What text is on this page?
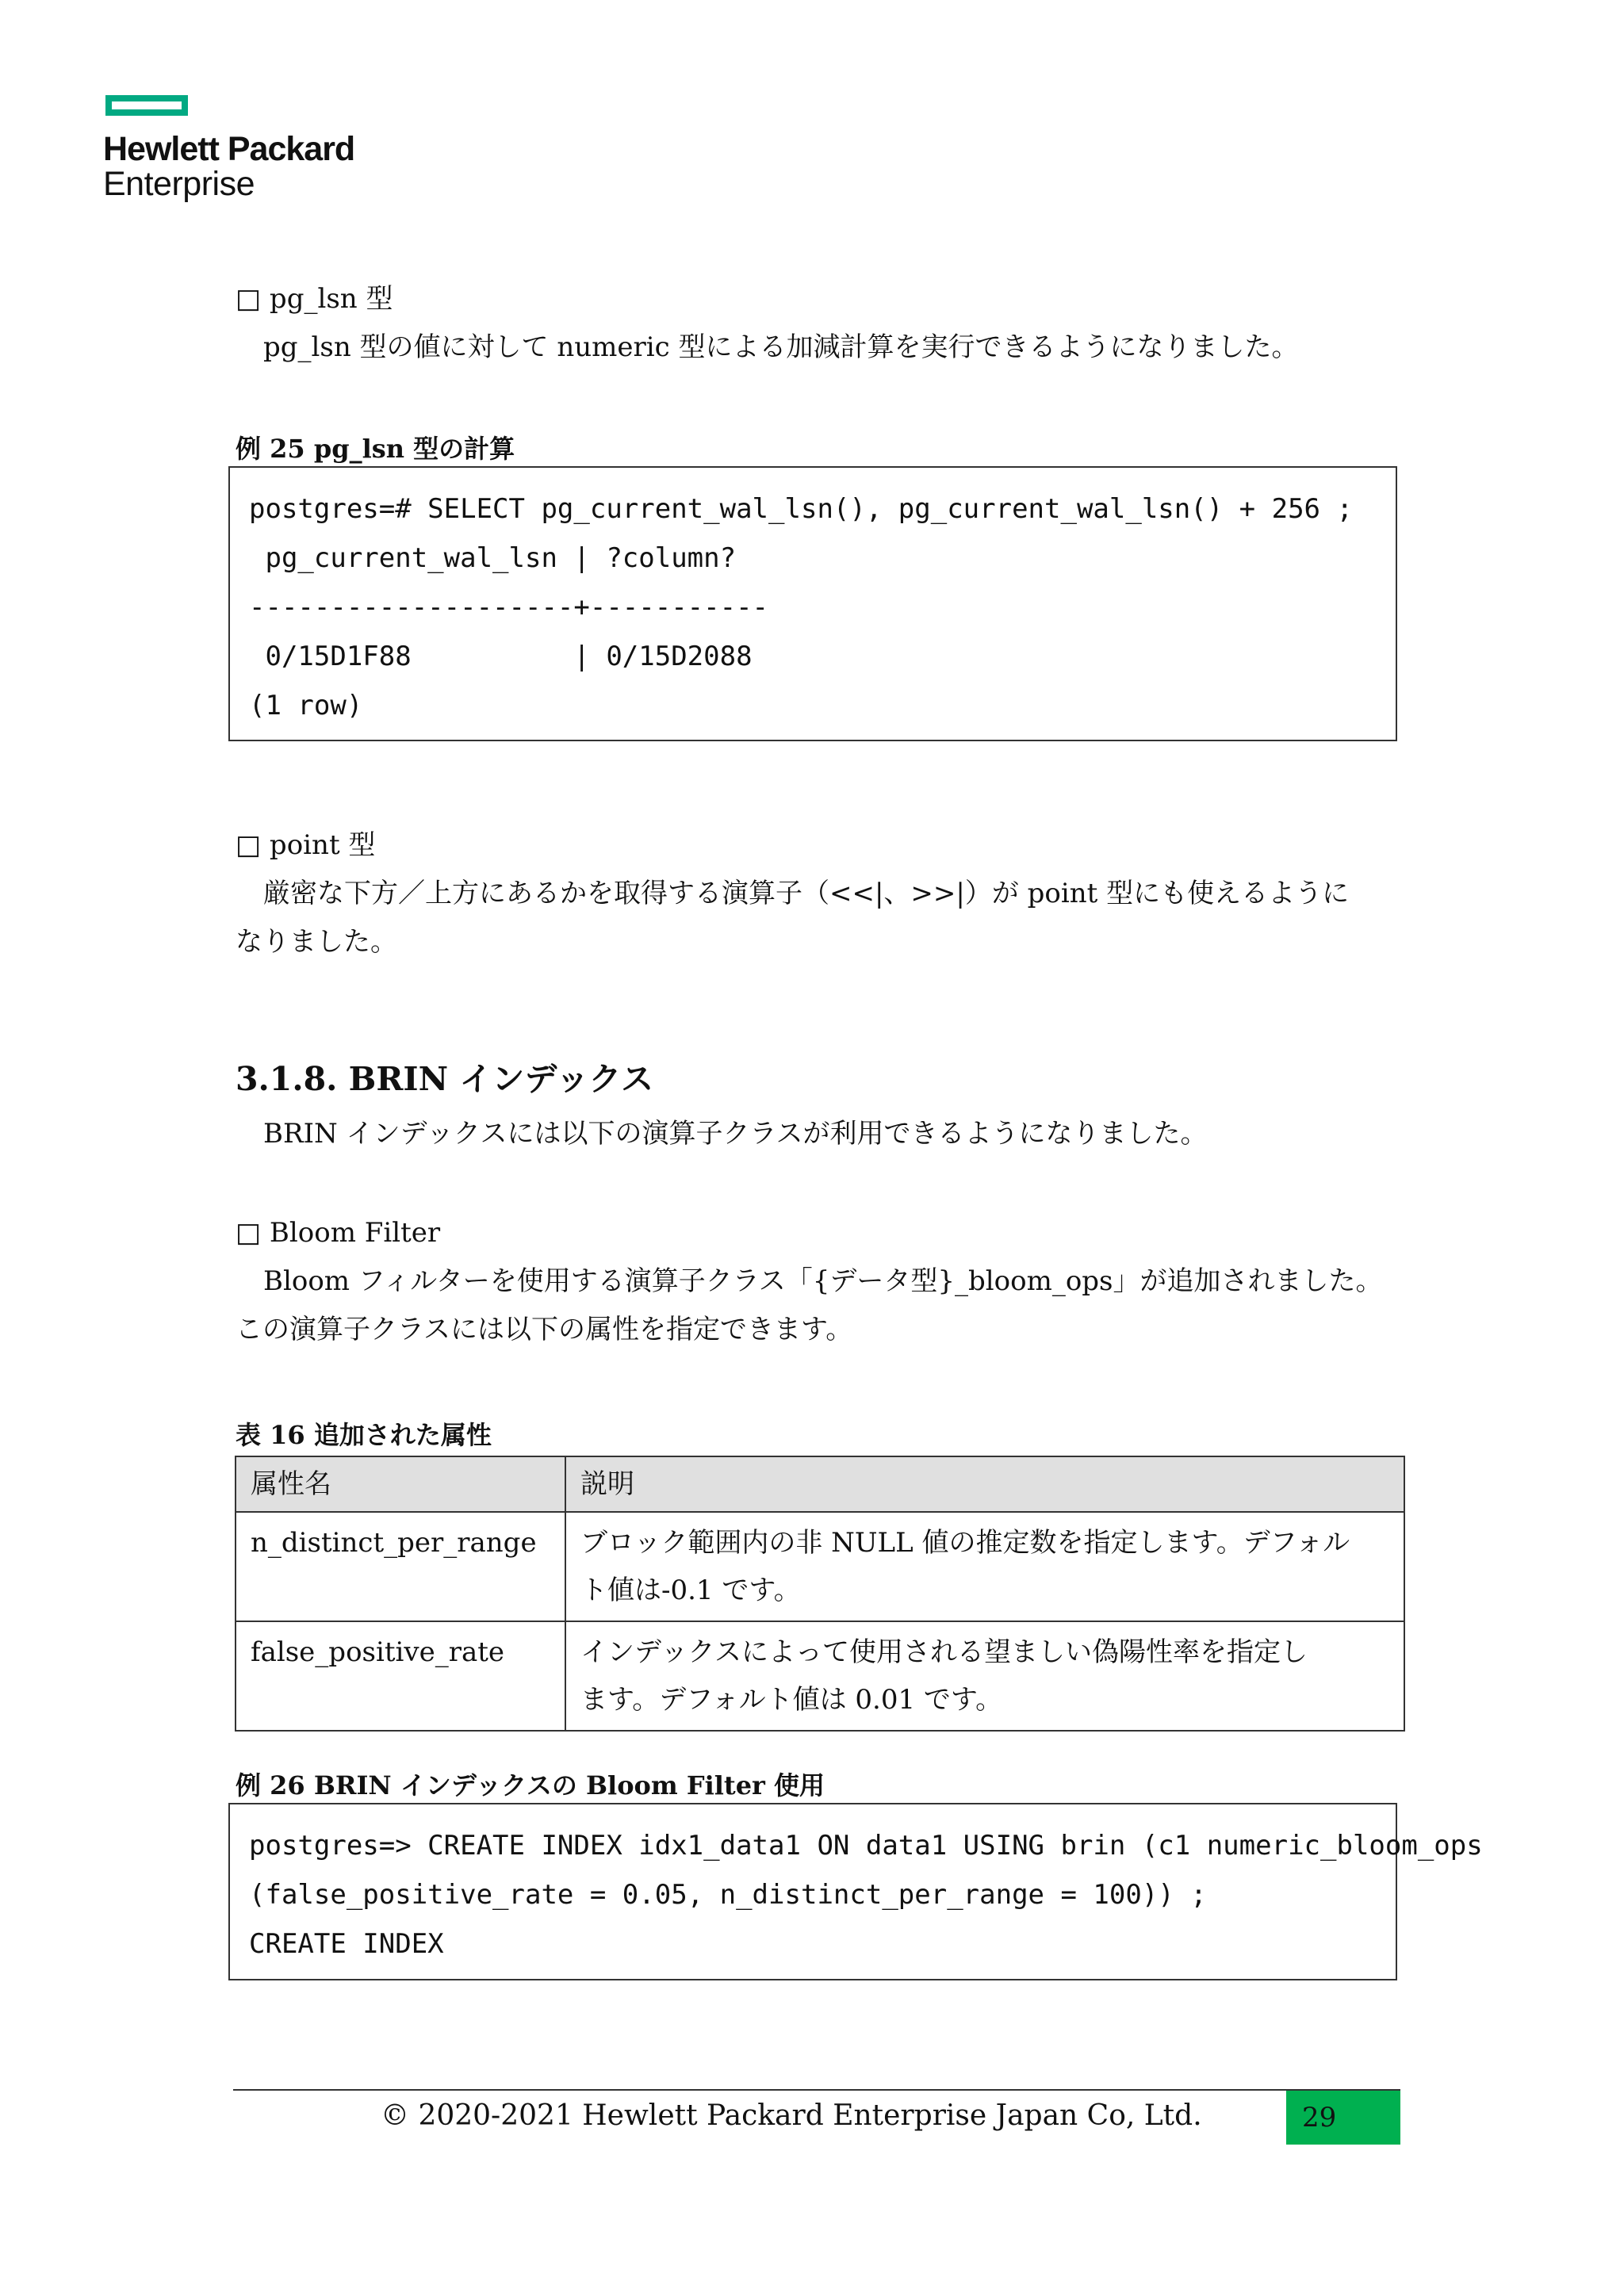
Hewlett Packard
Enterprise
□ pg_lsn 型
pg_lsn 型の値に対して numeric 型による加減計算を実行できるようになりました。
例 25 pg_lsn 型の計算
postgres=# SELECT pg_current_wal_lsn(), pg_current_wal_lsn() + 256 ;
pg_current_wal_lsn | ?column?
--------------------+-----------
0/15D1F88          | 0/15D2088
(1 row)
□ point 型
厳密な下方／上方にあるかを取得する演算子（<<|、>>|）が point 型にも使えるように
なりました。
3.1.8. BRIN インデックス
BRIN インデックスには以下の演算子クラスが利用できるようになりました。
□ Bloom Filter
Bloom フィルターを使用する演算子クラス「{データ型}_bloom_ops」が追加されました。
この演算子クラスには以下の属性を指定できます。
表 16 追加された属性
属性名	説明
n_distinct_per_range	ブロック範囲内の非 NULL 値の推定数を指定します。デフォル
ト値は-0.1 です。

false_positive_rate	インデックスによって使用される望ましい偽陽性率を指定し
ます。デフォルト値は 0.01 です。
例 26 BRIN インデックスの Bloom Filter 使用
postgres=> CREATE INDEX idx1_data1 ON data1 USING brin (c1 numeric_bloom_ops
(false_positive_rate = 0.05, n_distinct_per_range = 100)) ;
CREATE INDEX
© 2020-2021 Hewlett Packard Enterprise Japan Co, Ltd.	29
